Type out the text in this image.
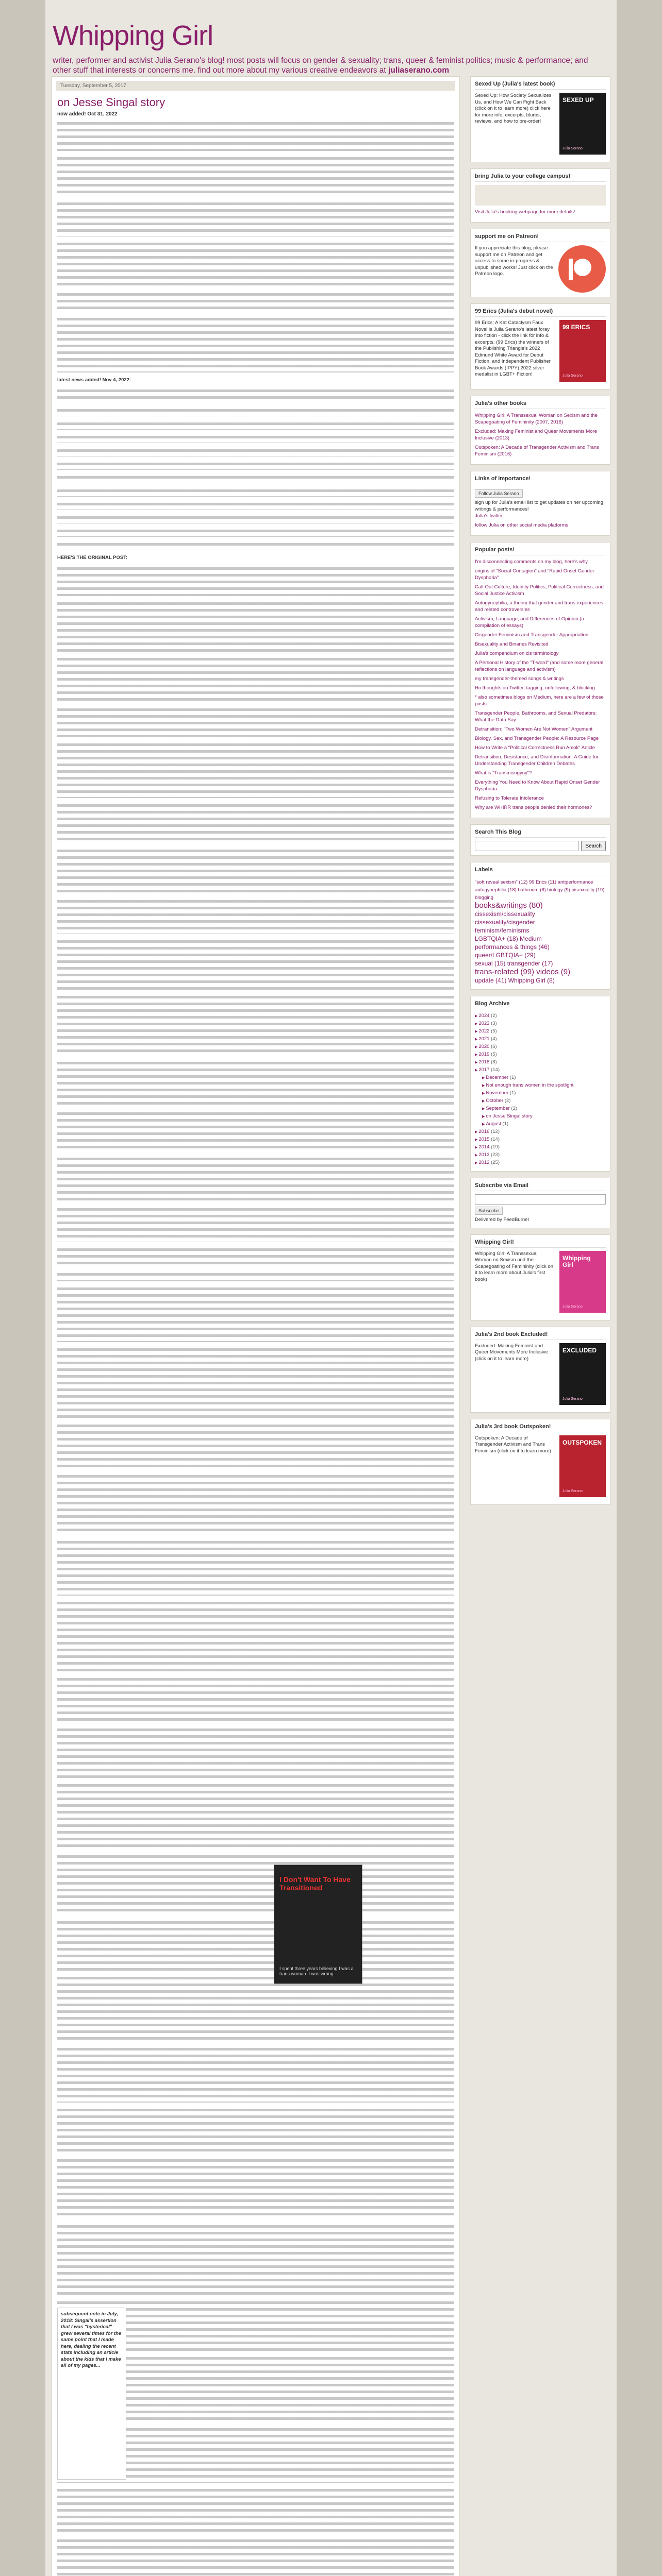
Whipping Girl
writer, performer and activist Julia Serano's blog! most posts will focus on gender & sexuality; trans, queer & feminist politics; music & performance; and other stuff that interests or concerns me. find out more about my various creative endeavors at juliaserano.com
Tuesday, September 5, 2017
on Jesse Singal story
now added! Oct 31, 2022
latest news added! Nov 4, 2022:
HERE'S THE ORIGINAL POST:
I Don't Want To Have Transitioned
I spent three years believing I was a trans woman. I was wrong.
subsequent note in July, 2018: Singal's assertion that I was "hysterical" grew several times for the same point that I made here, dealing the recent stats including an article about the kids that I make all of my pages...
Sexed Up (Julia's latest book)
SEXED UP
Julia Serano
Sexed Up: How Society Sexualizes Us, and How We Can Fight Back (click on it to learn more) click here for more info, excerpts, blurbs, reviews, and how to pre-order!
bring Julia to your college campus!
Visit Julia's booking webpage for more details!
support me on Patreon!
If you appreciate this blog, please support me on Patreon and get access to some in-progress & unpublished works! Just click on the Patreon logo.
99 Erics (Julia's debut novel)
99 ERICS
Julia Serano
99 Erics: A Kat Cataclysm Faux Novel is Julia Serano's latest foray into fiction - click the link for info & excerpts. (99 Erics) the winners of the Publishing Triangle's 2022 Edmund White Award for Debut Fiction, and Independent Publisher Book Awards (IPPY) 2022 silver medalist in LGBT+ Fiction!
Julia's other books
Whipping Girl: A Transsexual Woman on Sexism and the Scapegoating of Femininity (2007, 2016)
Excluded: Making Feminist and Queer Movements More Inclusive (2013)
Outspoken: A Decade of Transgender Activism and Trans Feminism (2016)
Links of importance!
Follow Julia Serano
sign up for Julia's email list to get updates on her upcoming writings & performances!
Julia's twitter
follow Julia on other social media platforms
Popular posts!
I'm disconnecting comments on my blog, here's why
origins of "Social Contagion" and "Rapid Onset Gender Dysphoria"
Call-Out Culture, Identity Politics, Political Correctness, and Social Justice Activism
Autogynephilia, a theory that gender and trans experiences and related controversies
Activism, Language, and Differences of Opinion (a compilation of essays)
Cisgender Feminism and Transgender Appropriation
Bisexuality and Binaries Revisited
Julia's compendium on cis terminology
A Personal History of the "T-word" (and some more general reflections on language and activism)
my transgender-themed songs & writings
Ho thoughts on Twitter, tagging, unfollowing, & blocking
* also sometimes blogs on Medium, here are a few of those posts:
Transgender People, Bathrooms, and Sexual Predators: What the Data Say
Detransition: "Two Women Are Not Women" Argument
Biology, Sex, and Transgender People: A Resource Page
How to Write a "Political Correctness Run Amok" Article
Detransition, Desistance, and Disinformation: A Guide for Understanding Transgender Children Debates
What is "Transmisogyny"?
Everything You Need to Know About Rapid Onset Gender Dysphoria
Refusing to Tolerate Intolerance
Why are WHIRR trans people denied their hormones?
Search This Blog
Search
Labels
"soft reveal sexism" (12) 99 Erics (11) antiperformance autogynephilia (18) bathroom (8) biology (9) bisexuality (19) blogging
books&writings (80)
cissexism/cissexuality
cissexuality/cisgender
feminism/feminisms
LGBTQIA+ (18) Medium
performances & things (46)
queer/LGBTQIA+ (29)
sexual (15) transgender (17)
trans-related (99) videos (9)
update (41) Whipping Girl (8)
Blog Archive
▶ 2024 (2)
▶ 2023 (3)
▶ 2022 (5)
▶ 2021 (4)
▶ 2020 (6)
▶ 2019 (5)
▶ 2018 (8)
▶ 2017 (14)
▶ December (1)
▶ Not enough trans women in the spotlight
▶ November (1)
▶ October (2)
▶ September (2)
▶ on Jesse Singal story
▶ August (1)
▶ 2016 (12)
▶ 2015 (14)
▶ 2014 (19)
▶ 2013 (23)
▶ 2012 (25)
Subscribe via Email
Subscribe
Delivered by FeedBurner
Whipping Girl!
Whipping Girl
Julia Serano
Whipping Girl: A Transsexual Woman on Sexism and the Scapegoating of Femininity (click on it to learn more about Julia's first book)
Julia's 2nd book Excluded!
EXCLUDED
Julia Serano
Excluded: Making Feminist and Queer Movements More Inclusive (click on it to learn more)
Julia's 3rd book Outspoken!
OUTSPOKEN
Julia Serano
Outspoken: A Decade of Transgender Activism and Trans Feminism (click on it to learn more)
